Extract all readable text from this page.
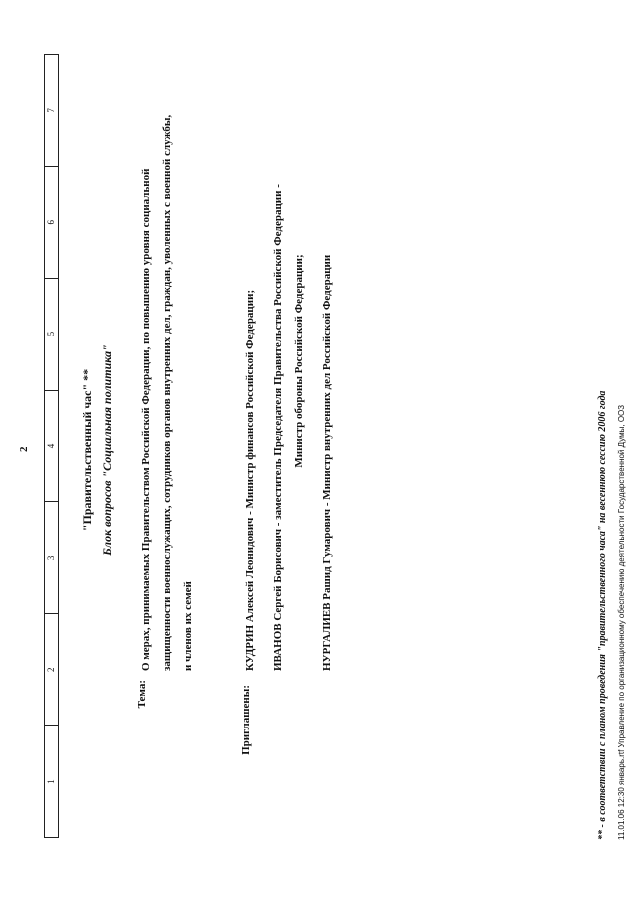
2
1
2
3
4
5
6
7
"Правительственный час" ** Блок вопросов "Социальная политика"
Тема:
О мерах, принимаемых Правительством Российской Федерации, по повышению уровня социальной защищенности военнослужащих, сотрудников органов внутренних дел, граждан, уволенных с военной службы, и членов их семей
Приглашены:
КУДРИН Алексей Леонидович - Министр финансов Российской Федерации;	ИВАНОВ Сергей Борисович - заместитель Председателя Правительства Российской Федерации - Министр обороны Российской Федерации;	НУРГАЛИЕВ Рашид Гумарович - Министр внутренних дел Российской Федерации	** - в соответствии с планом проведения "правительственного часа" на весеннюю сессию 2006 года 11.01.06 12:30 январь.rtf Управление по организационному обеспечению деятельности Государственной Думы, ООЗ
